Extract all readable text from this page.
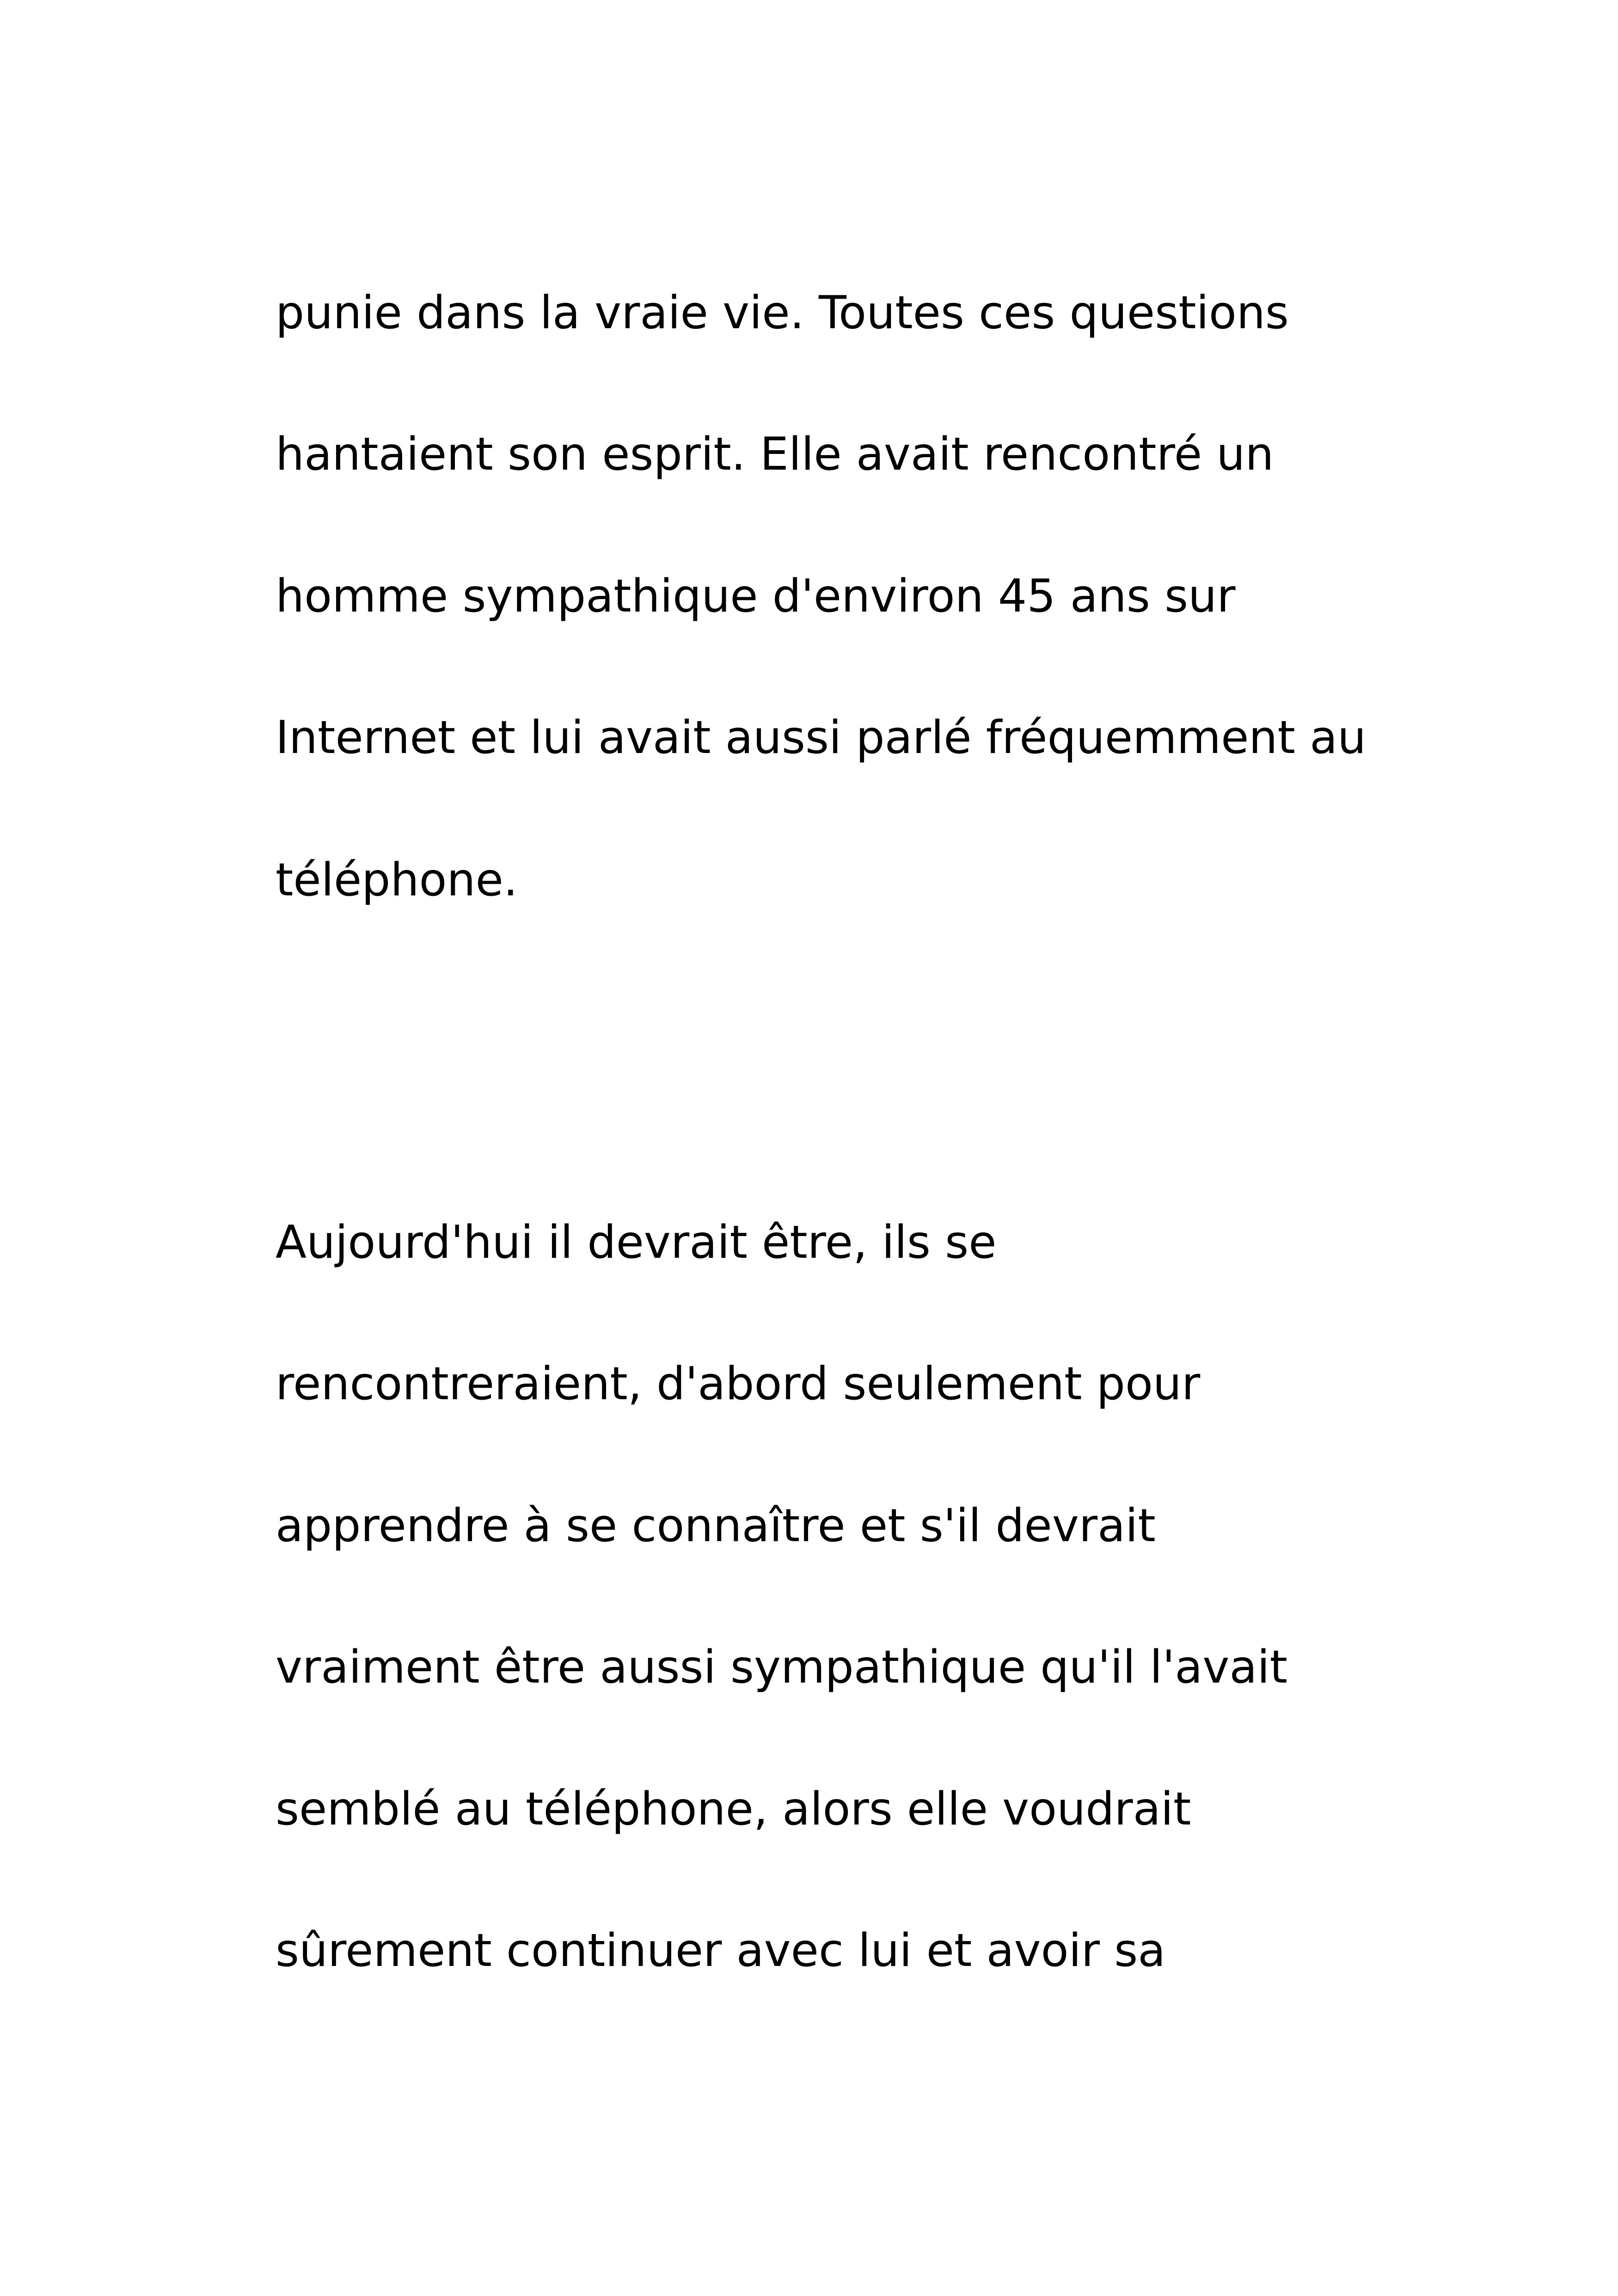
punie dans la vraie vie. Toutes ces questions

hantaient son esprit. Elle avait rencontré un

homme sympathique d'environ 45 ans sur

Internet et lui avait aussi parlé fréquemment au

téléphone.

Aujourd'hui il devrait être, ils se

rencontreraient, d'abord seulement pour

apprendre à se connaître et s'il devrait

vraiment être aussi sympathique qu'il l'avait

semblé au téléphone, alors elle voudrait

sûrement continuer avec lui et avoir sa
